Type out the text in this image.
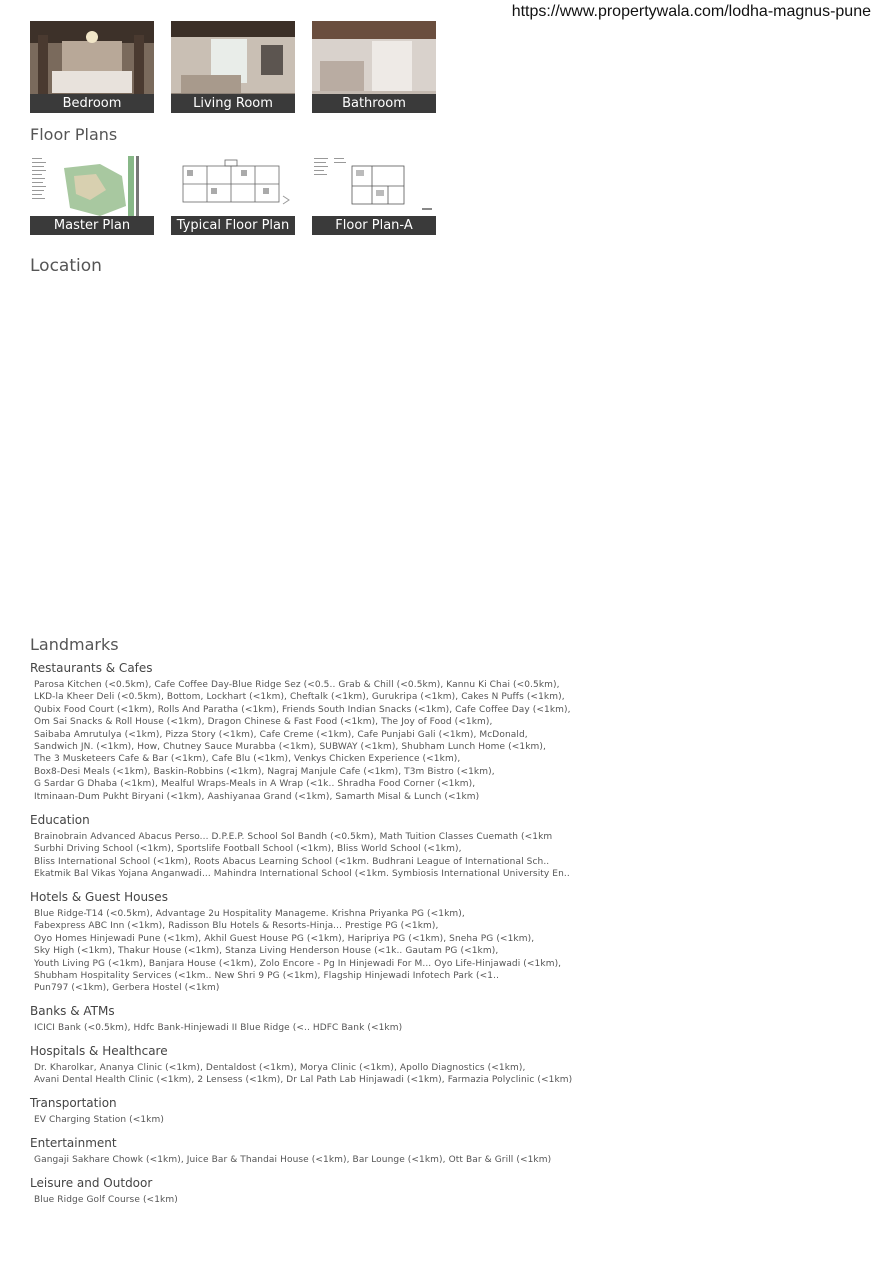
https://www.propertywala.com/lodha-magnus-pune
Bedroom	Living Room	Bathroom
Floor Plans
Master Plan	Typical Floor Plan	Floor Plan-A
Location
Landmarks
Restaurants & Cafes

Parosa Kitchen (<0.5km), Cafe Coffee Day-Blue Ridge Sez (<0.5.. Grab & Chill (<0.5km), Kannu Ki Chai (<0.5km),
LKD-la Kheer Deli (<0.5km), Bottom, Lockhart (<1km), Cheftalk (<1km), Gurukripa (<1km), Cakes N Puffs (<1km),
Qubix Food Court (<1km), Rolls And Paratha (<1km), Friends South Indian Snacks (<1km), Cafe Coffee Day (<1km),
Om Sai Snacks & Roll House (<1km), Dragon Chinese & Fast Food (<1km), The Joy of Food (<1km),
Saibaba Amrutulya (<1km), Pizza Story (<1km), Cafe Creme (<1km), Cafe Punjabi Gali (<1km), McDonald,
Sandwich JN. (<1km), How, Chutney Sauce Murabba (<1km), SUBWAY (<1km), Shubham Lunch Home (<1km),
The 3 Musketeers Cafe & Bar (<1km), Cafe Blu (<1km), Venkys Chicken Experience (<1km),
Box8-Desi Meals (<1km), Baskin-Robbins (<1km), Nagraj Manjule Cafe (<1km), T3m Bistro (<1km),
G Sardar G Dhaba (<1km), Mealful Wraps-Meals in A Wrap (<1k.. Shradha Food Corner (<1km),
Itminaan-Dum Pukht Biryani (<1km), Aashiyanaa Grand (<1km), Samarth Misal & Lunch (<1km)

Education

Brainobrain Advanced Abacus Perso... D.P.E.P. School Sol Bandh (<0.5km), Math Tuition Classes Cuemath (<1km
Surbhi Driving School (<1km), Sportslife Football School (<1km), Bliss World School (<1km),
Bliss International School (<1km), Roots Abacus Learning School (<1km. Budhrani League of International Sch..
Ekatmik Bal Vikas Yojana Anganwadi... Mahindra International School (<1km. Symbiosis International University En..

Hotels & Guest Houses

Blue Ridge-T14 (<0.5km), Advantage 2u Hospitality Manageme. Krishna Priyanka PG (<1km),
Fabexpress ABC Inn (<1km), Radisson Blu Hotels & Resorts-Hinja... Prestige PG (<1km),
Oyo Homes Hinjewadi Pune (<1km), Akhil Guest House PG (<1km), Haripriya PG (<1km), Sneha PG (<1km),
Sky High (<1km), Thakur House (<1km), Stanza Living Henderson House (<1k.. Gautam PG (<1km),
Youth Living PG (<1km), Banjara House (<1km), Zolo Encore - Pg In Hinjewadi For M... Oyo Life-Hinjawadi (<1km),
Shubham Hospitality Services (<1km.. New Shri 9 PG (<1km), Flagship Hinjewadi Infotech Park (<1..
Pun797 (<1km), Gerbera Hostel (<1km)

Banks & ATMs

ICICI Bank (<0.5km), Hdfc Bank-Hinjewadi II Blue Ridge (<.. HDFC Bank (<1km)

Hospitals & Healthcare

Dr. Kharolkar, Ananya Clinic (<1km), Dentaldost (<1km), Morya Clinic (<1km), Apollo Diagnostics (<1km),
Avani Dental Health Clinic (<1km), 2 Lensess (<1km), Dr Lal Path Lab Hinjawadi (<1km), Farmazia Polyclinic (<1km)

Transportation

EV Charging Station (<1km)

Entertainment

Gangaji Sakhare Chowk (<1km), Juice Bar & Thandai House (<1km), Bar Lounge (<1km), Ott Bar & Grill (<1km)

Leisure and Outdoor

Blue Ridge Golf Course (<1km)
